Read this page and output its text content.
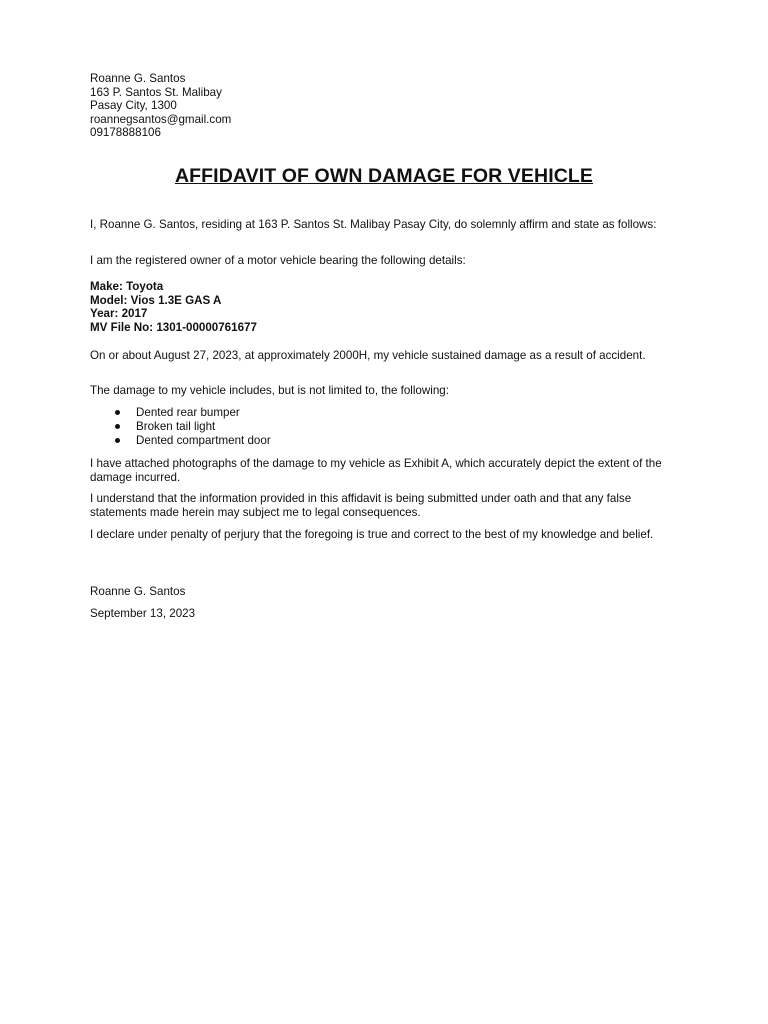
Roanne G. Santos
163 P. Santos St. Malibay
Pasay City, 1300
roannegsantos@gmail.com
09178888106
AFFIDAVIT OF OWN DAMAGE FOR VEHICLE
I, Roanne G. Santos, residing at 163 P. Santos St. Malibay Pasay City, do solemnly affirm and state as follows:
I am the registered owner of a motor vehicle bearing the following details:
Make: Toyota
Model: Vios 1.3E GAS A
Year: 2017
MV File No: 1301-00000761677
On or about August 27, 2023, at approximately 2000H, my vehicle sustained damage as a result of accident.
The damage to my vehicle includes, but is not limited to, the following:
Dented rear bumper
Broken tail light
Dented compartment door
I have attached photographs of the damage to my vehicle as Exhibit A, which accurately depict the extent of the damage incurred.
I understand that the information provided in this affidavit is being submitted under oath and that any false statements made herein may subject me to legal consequences.
I declare under penalty of perjury that the foregoing is true and correct to the best of my knowledge and belief.
Roanne G. Santos
September 13, 2023
